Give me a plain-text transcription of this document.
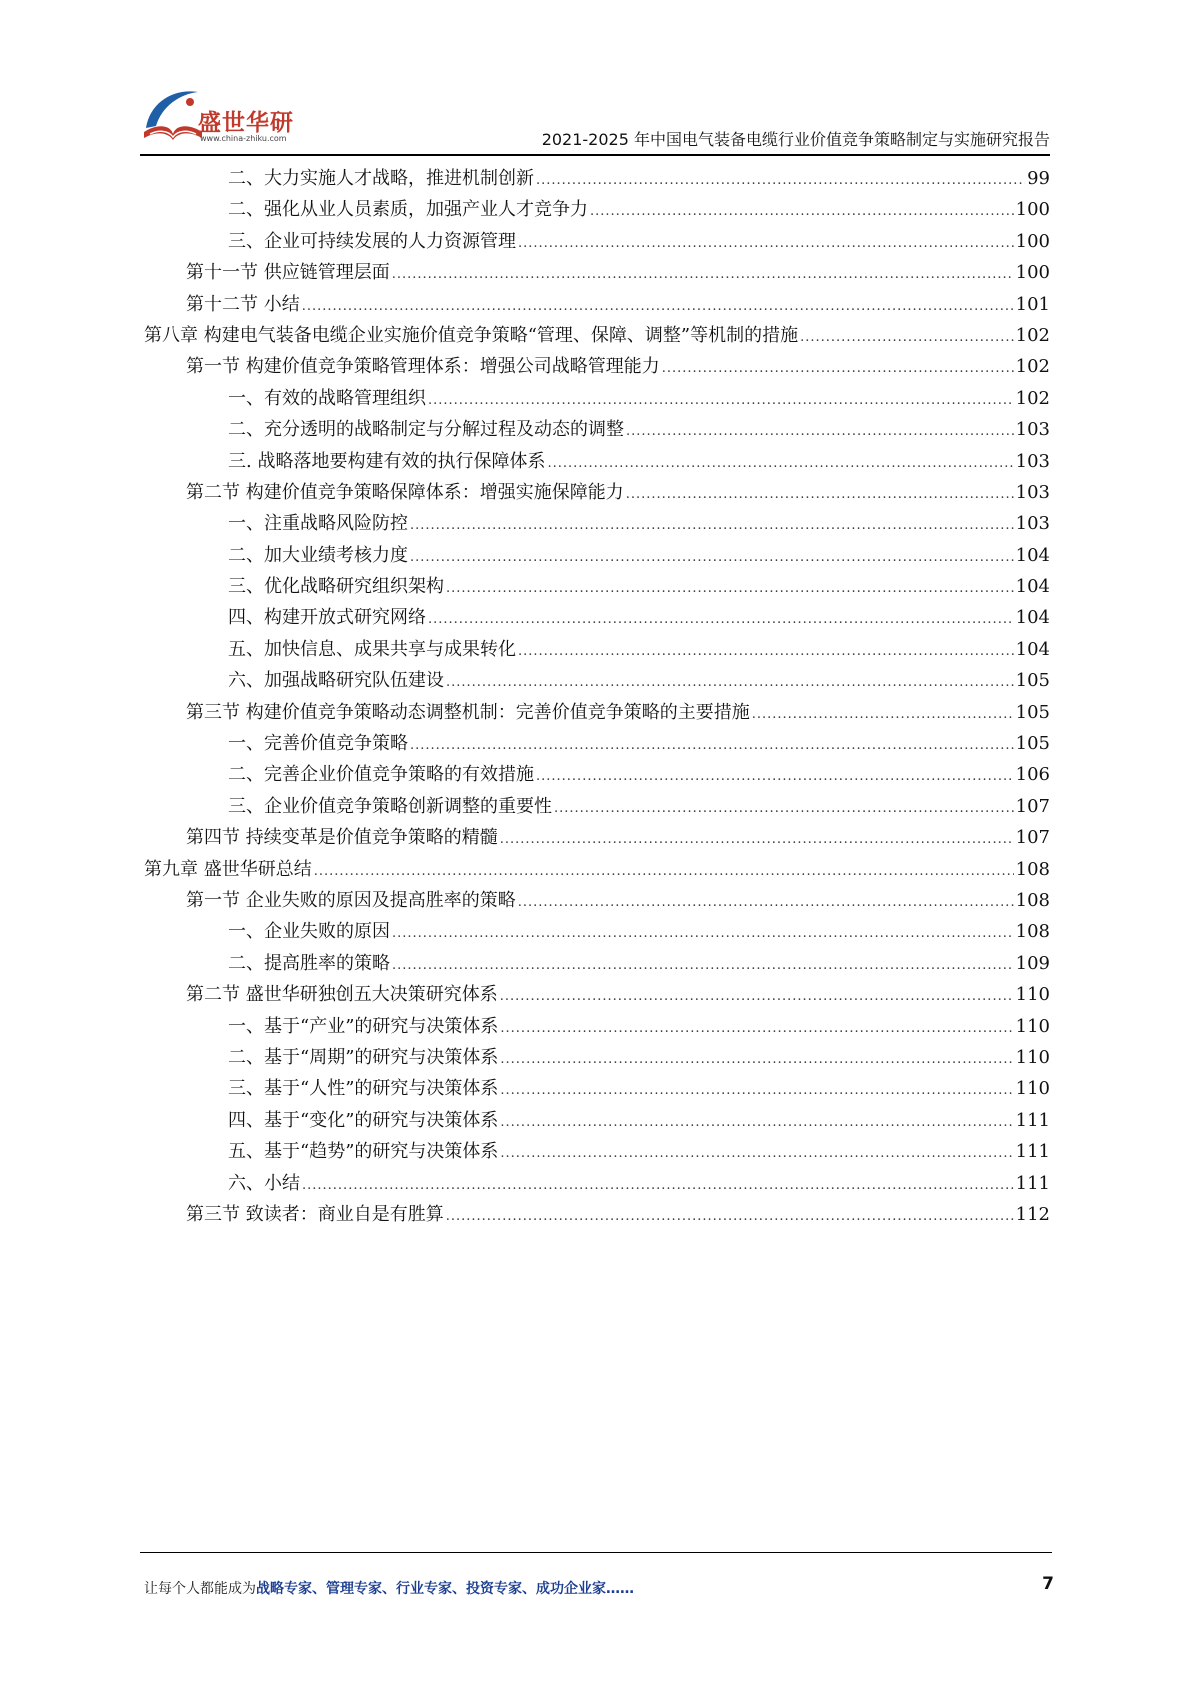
盛世华研
www.china-zhiku.com	2021-2025 年中国电气装备电缆行业价值竞争策略制定与实施研究报告
二、大力实施人才战略，推进机制创新 .....	99
二、强化从业人员素质，加强产业人才竞争力 .....	100
三、企业可持续发展的人力资源管理 .....	100
第十一节 供应链管理层面 .....	100
第十二节 小结 .....	101
第八章 构建电气装备电缆企业实施价值竞争策略“管理、保障、调整”等机制的措施 .....	102
第一节 构建价值竞争策略管理体系：增强公司战略管理能力 .....	102
一、有效的战略管理组织 .....	102
二、充分透明的战略制定与分解过程及动态的调整 .....	103
三. 战略落地要构建有效的执行保障体系 .....	103
第二节 构建价值竞争策略保障体系：增强实施保障能力 .....	103
一、注重战略风险防控 .....	103
二、加大业绩考核力度 .....	104
三、优化战略研究组织架构 .....	104
四、构建开放式研究网络 .....	104
五、加快信息、成果共享与成果转化 .....	104
六、加强战略研究队伍建设 .....	105
第三节 构建价值竞争策略动态调整机制：完善价值竞争策略的主要措施 .....	105
一、完善价值竞争策略 .....	105
二、完善企业价值竞争策略的有效措施 .....	106
三、企业价值竞争策略创新调整的重要性 .....	107
第四节 持续变革是价值竞争策略的精髓 .....	107
第九章 盛世华研总结 .....	108
第一节 企业失败的原因及提高胜率的策略 .....	108
一、企业失败的原因 .....	108
二、提高胜率的策略 .....	109
第二节 盛世华研独创五大决策研究体系 .....	110
一、基于“产业”的研究与决策体系 .....	110
二、基于“周期”的研究与决策体系 .....	110
三、基于“人性”的研究与决策体系 .....	110
四、基于“变化”的研究与决策体系 .....	111
五、基于“趋势”的研究与决策体系 .....	111
六、小结 .....	111
第三节 致读者：商业自是有胜算 .....	112
让每个人都能成为战略专家、管理专家、行业专家、投资专家、成功企业家……	7
